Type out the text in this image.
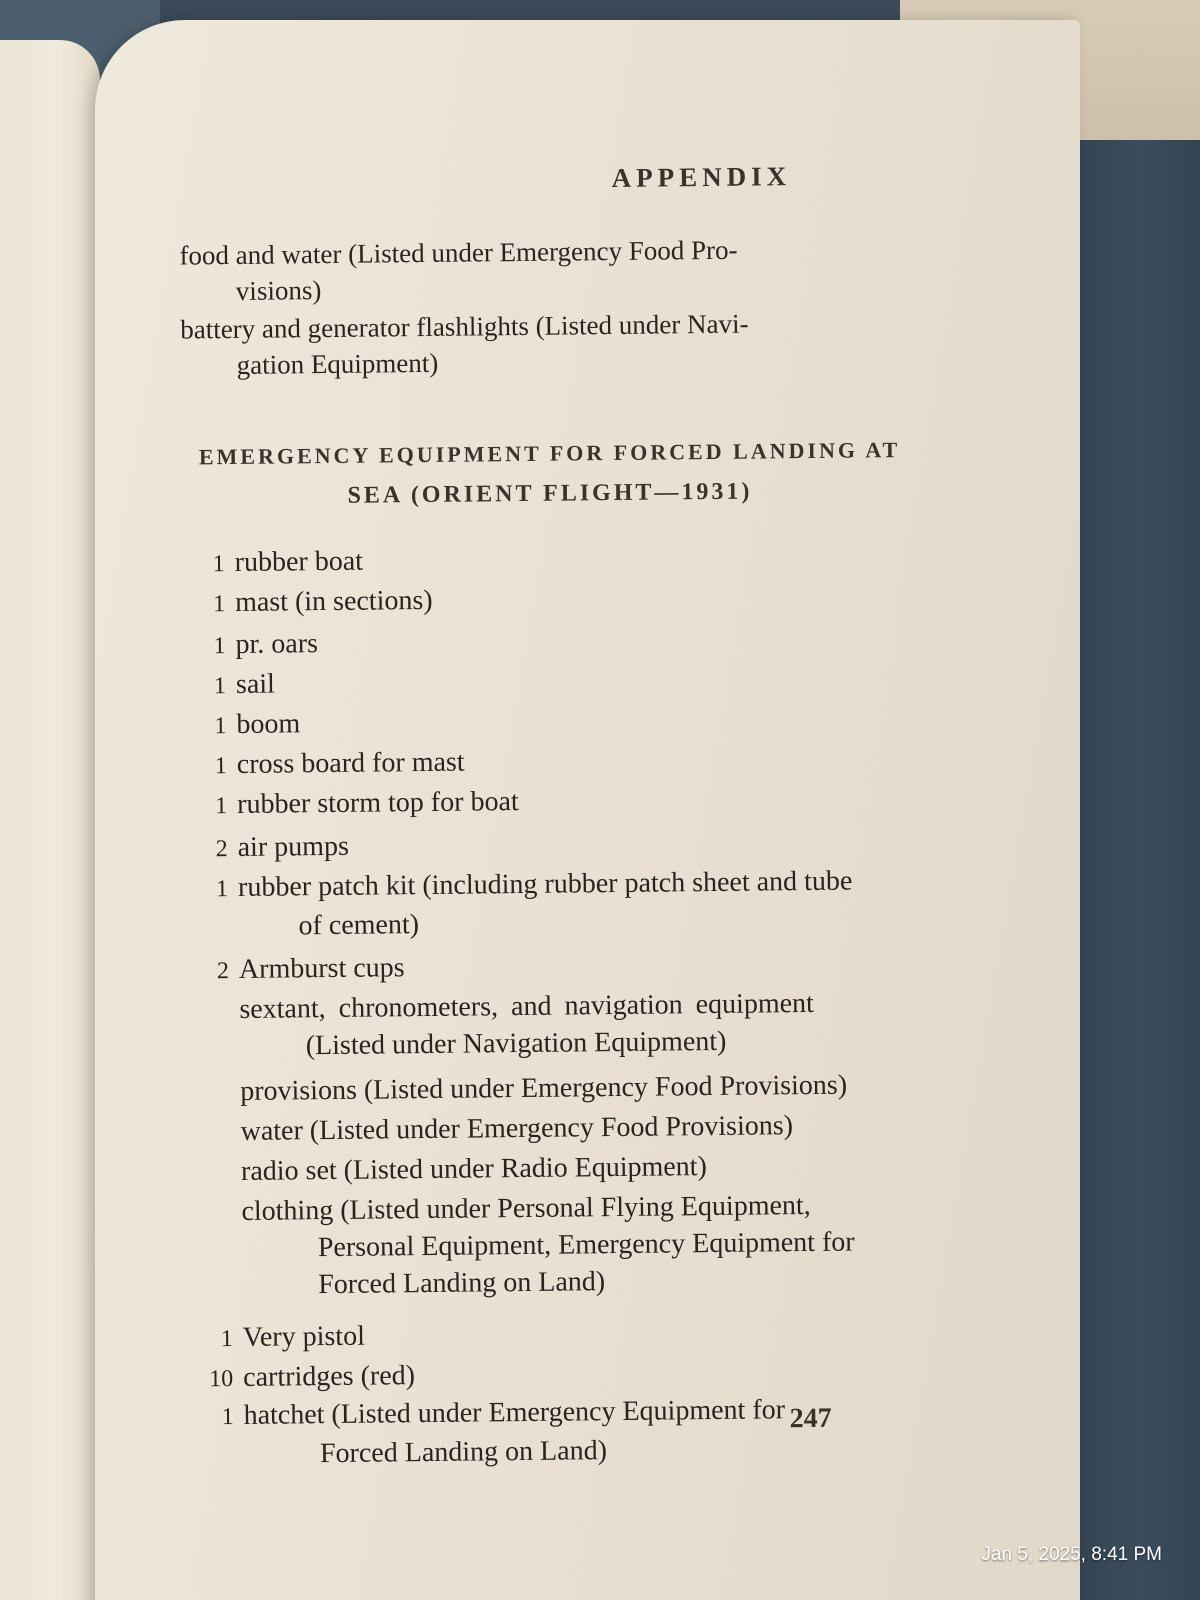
APPENDIX
food and water (Listed under Emergency Food Pro-
visions)
battery and generator flashlights (Listed under Navi-
gation Equipment)
EMERGENCY EQUIPMENT FOR FORCED LANDING AT
SEA (ORIENT FLIGHT—1931)
1 rubber boat
1 mast (in sections)
1 pr. oars
1 sail
1 boom
1 cross board for mast
1 rubber storm top for boat
2 air pumps
1 rubber patch kit (including rubber patch sheet and tube
of cement)
2 Armburst cups
sextant, chronometers, and navigation equipment
(Listed under Navigation Equipment)
provisions (Listed under Emergency Food Provisions)
water (Listed under Emergency Food Provisions)
radio set (Listed under Radio Equipment)
clothing (Listed under Personal Flying Equipment,
Personal Equipment, Emergency Equipment for
Forced Landing on Land)
1 Very pistol
10 cartridges (red)
1 hatchet (Listed under Emergency Equipment for
Forced Landing on Land)
247
Jan 5, 2025, 8:41 PM
